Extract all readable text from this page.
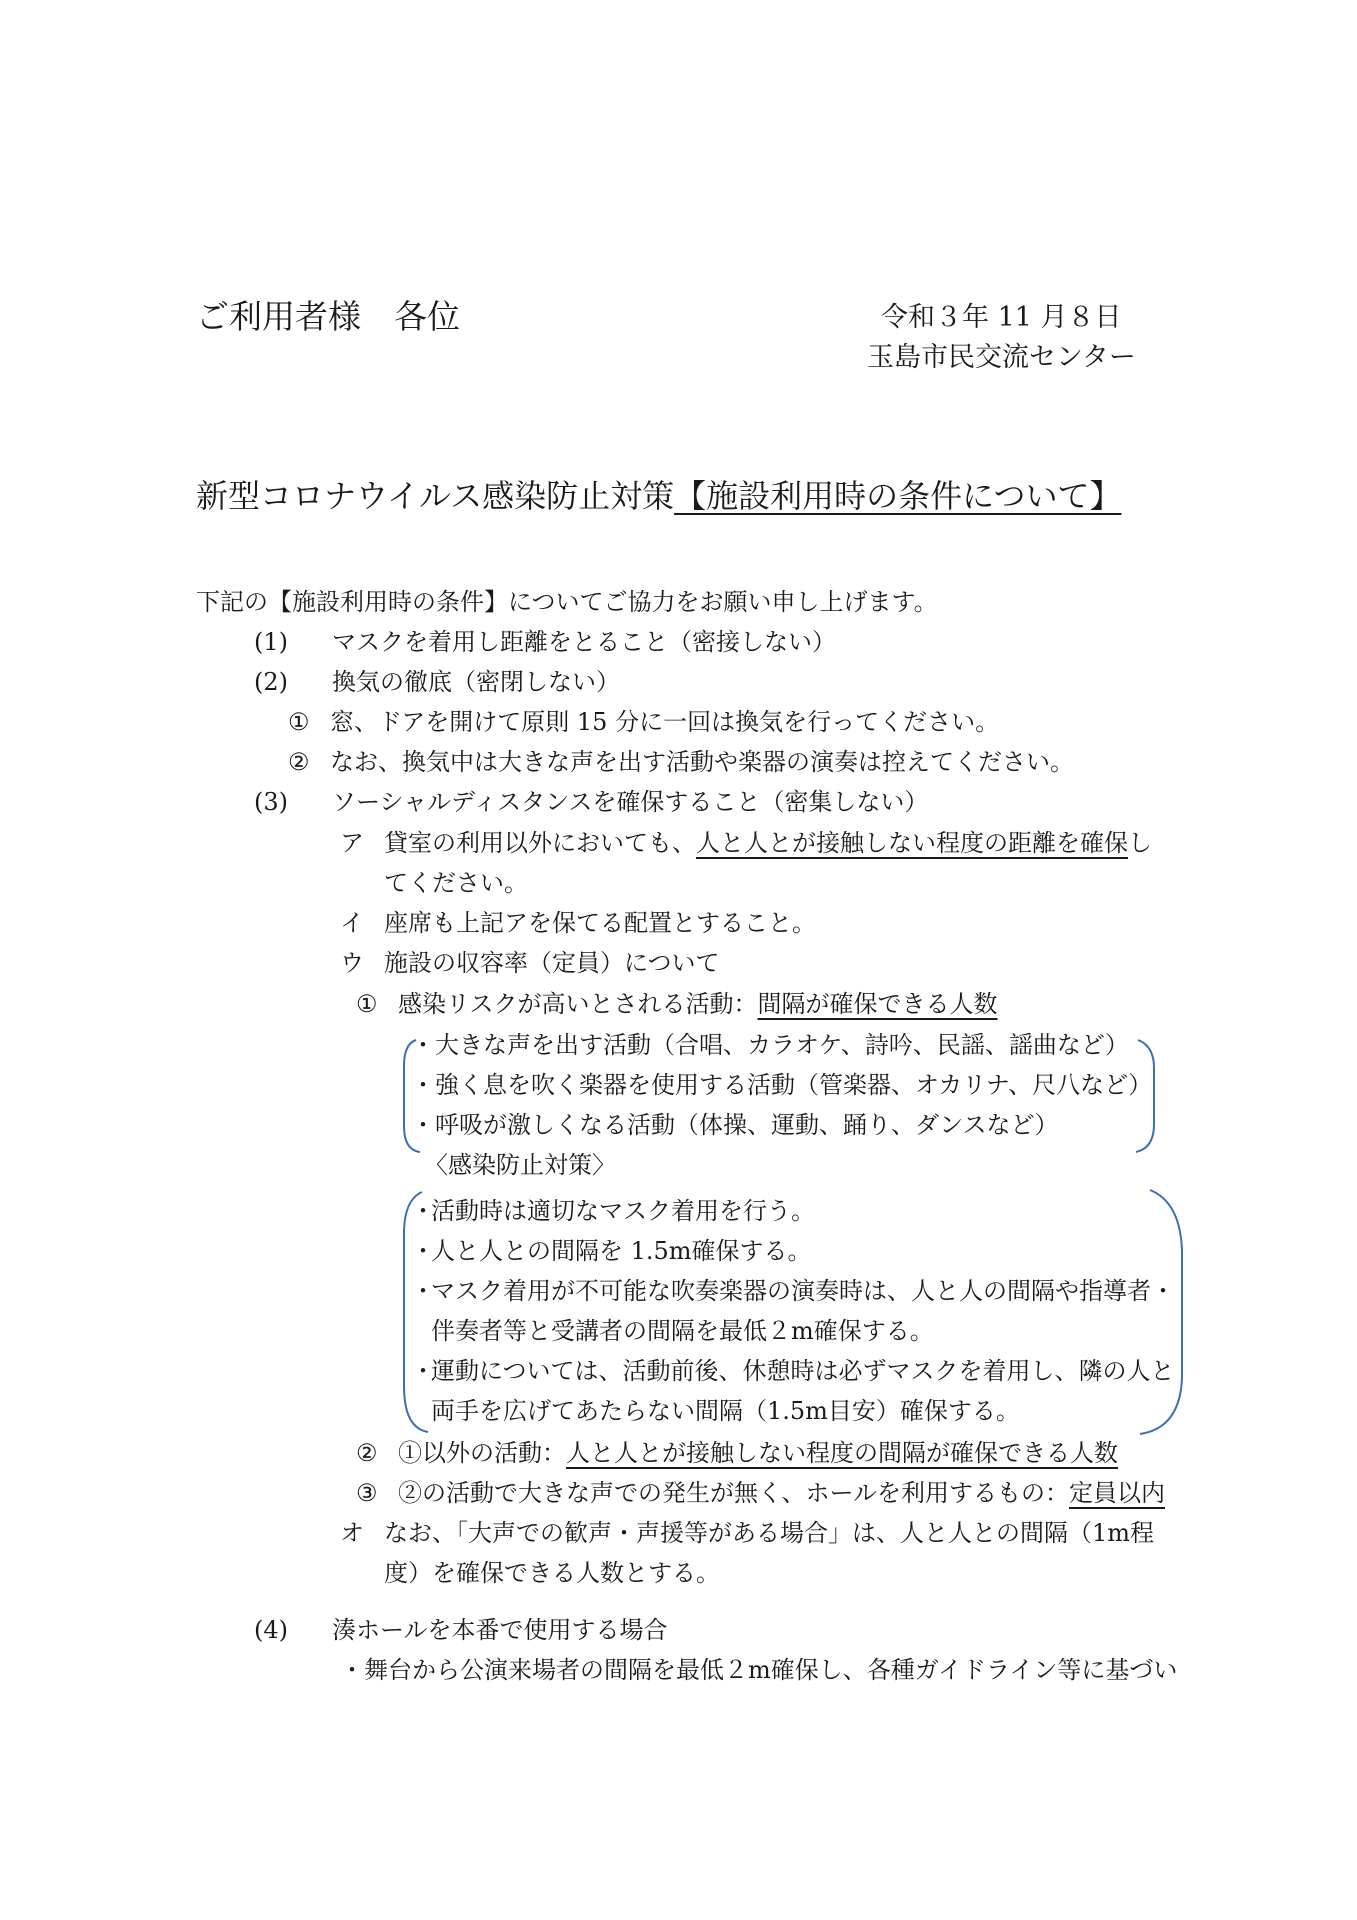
ご利用者様　各位	令和３年 11 月８日
玉島市民交流センター
新型コロナウイルス感染防止対策【施設利用時の条件について】
下記の【施設利用時の条件】についてご協力をお願い申し上げます。
(1) マスクを着用し距離をとること（密接しない）
(2) 換気の徹底（密閉しない）
① 窓、ドアを開けて原則 15 分に一回は換気を行ってください。
② なお、換気中は大きな声を出す活動や楽器の演奏は控えてください。
(3) ソーシャルディスタンスを確保すること（密集しない）
ア 貸室の利用以外においても、人と人とが接触しない程度の距離を確保し
てください。
イ 座席も上記アを保てる配置とすること。
ウ 施設の収容率（定員）について
① 感染リスクが高いとされる活動：間隔が確保できる人数
・大きな声を出す活動（合唱、カラオケ、詩吟、民謡、謡曲など）
・強く息を吹く楽器を使用する活動（管楽器、オカリナ、尺八など）
・呼吸が激しくなる活動（体操、運動、踊り、ダンスなど）
〈感染防止対策〉
・活動時は適切なマスク着用を行う。
・人と人との間隔を 1.5m確保する。
・マスク着用が不可能な吹奏楽器の演奏時は、人と人の間隔や指導者・
伴奏者等と受講者の間隔を最低２m確保する。
・運動については、活動前後、休憩時は必ずマスクを着用し、隣の人と
両手を広げてあたらない間隔（1.5m目安）確保する。
② ①以外の活動：人と人とが接触しない程度の間隔が確保できる人数
③ ②の活動で大きな声での発生が無く、ホールを利用するもの：定員以内
オ なお、「大声での歓声・声援等がある場合」は、人と人との間隔（1m程
度）を確保できる人数とする。
(4) 湊ホールを本番で使用する場合
・舞台から公演来場者の間隔を最低２m確保し、各種ガイドライン等に基づい
